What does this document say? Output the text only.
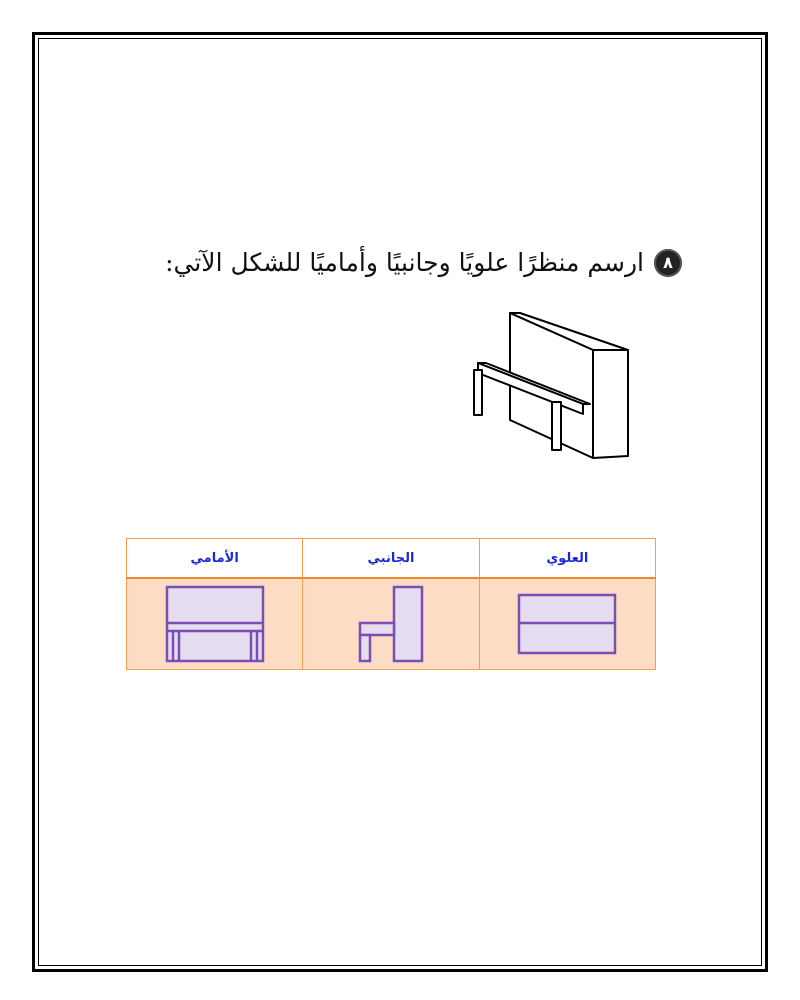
٨
ارسم منظرًا علويًا وجانبيًا وأماميًا للشكل الآتي:
العلوي	الجانبي	الأمامي
